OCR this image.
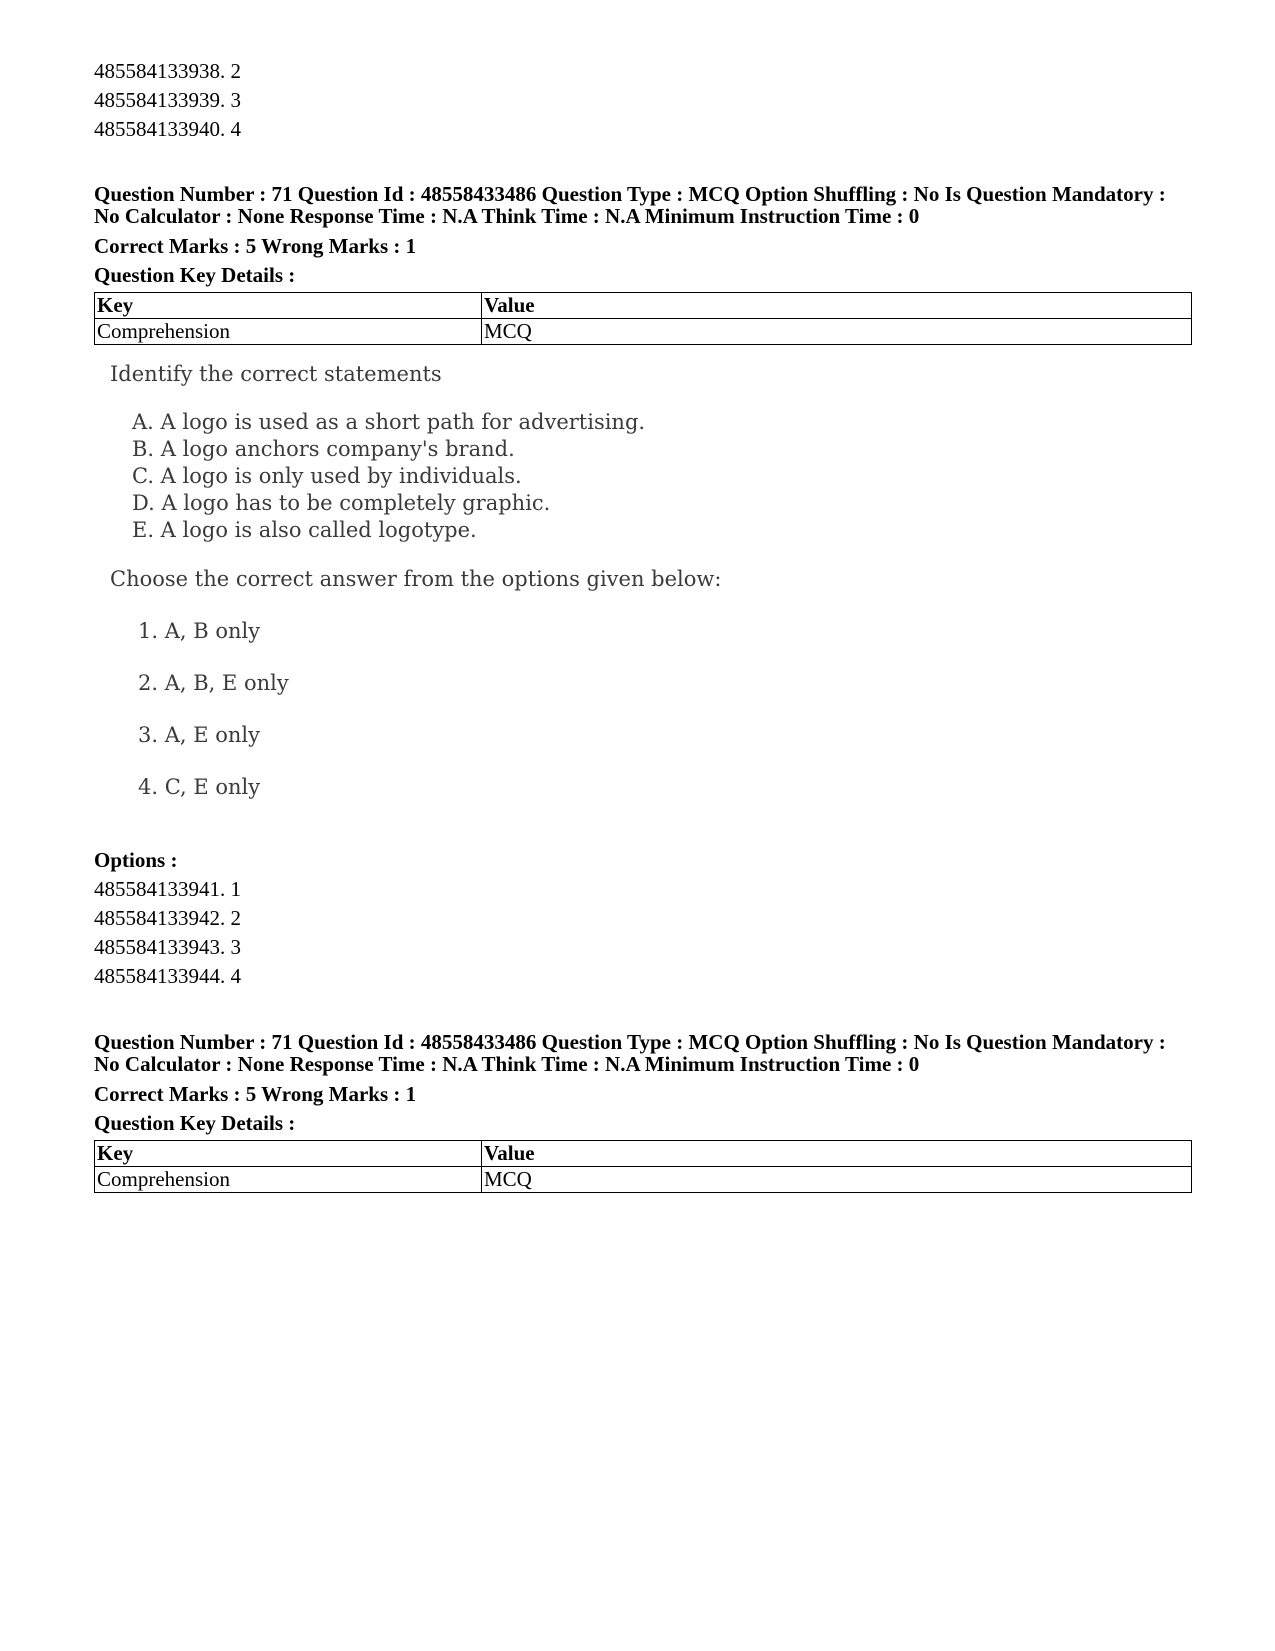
485584133938. 2
485584133939. 3
485584133940. 4

Question Number : 71 Question Id : 48558433486 Question Type : MCQ Option Shuffling : No Is Question Mandatory :

No Calculator : None Response Time : N.A Think Time : N.A Minimum Instruction Time : 0

Correct Marks : 5 Wrong Marks : 1
Question Key Details :
Key	Value
Comprehension	MCQ
Identify the correct statements
A. A logo is used as a short path for advertising.
B. A logo anchors company's brand.
C. A logo is only used by individuals.
D. A logo has to be completely graphic.
E. A logo is also called logotype.
Choose the correct answer from the options given below:
1. A, B only
2. A, B, E only
3. A, E only
4. C, E only
Options :
485584133941. 1
485584133942. 2
485584133943. 3
485584133944. 4

Question Number : 71 Question Id : 48558433486 Question Type : MCQ Option Shuffling : No Is Question Mandatory :

No Calculator : None Response Time : N.A Think Time : N.A Minimum Instruction Time : 0

Correct Marks : 5 Wrong Marks : 1
Question Key Details :
Key	Value
Comprehension	MCQ
